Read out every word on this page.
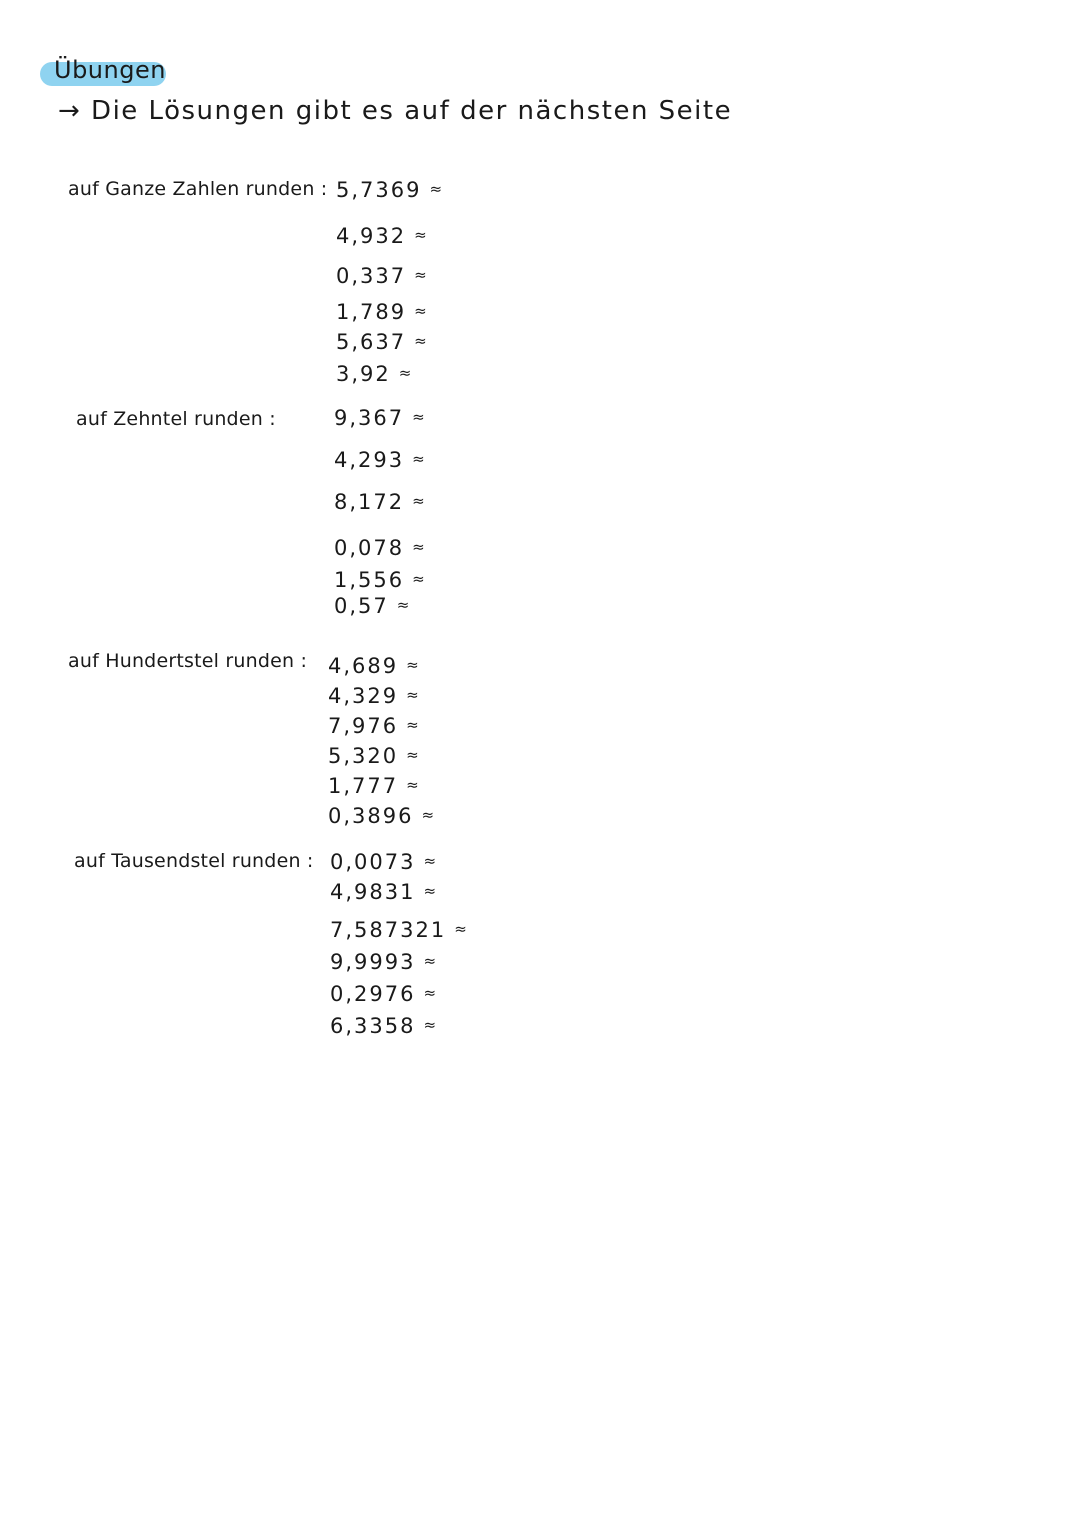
Übungen
→ Die Lösungen gibt es auf der nächsten Seite
auf Ganze Zahlen runden : 5,7369 ≈
4,932 ≈
0,337 ≈
1,789 ≈
5,637 ≈
3,92 ≈
auf Zehntel runden :	9,367 ≈
4,293 ≈
8,172 ≈
0,078 ≈
1,556 ≈
0,57 ≈
auf Hundertstel runden : 4,689 ≈
4,329 ≈
7,976 ≈
5,320 ≈
1,777 ≈
0,3896 ≈
auf Tausendstel runden : 0,0073 ≈
4,9831 ≈
7,587321 ≈
9,9993 ≈
0,2976 ≈
6,3358 ≈
